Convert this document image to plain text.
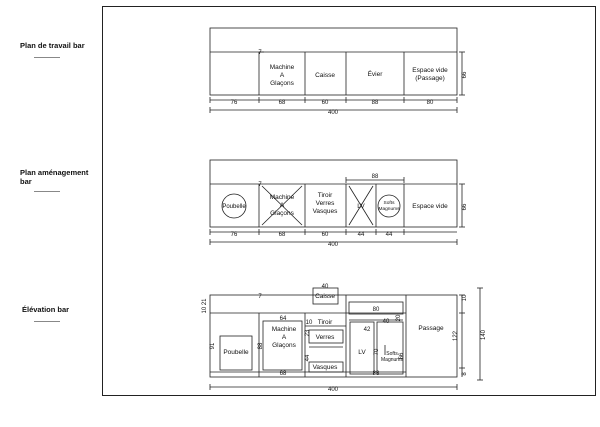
Plan de travail bar
Plan aménagement
bar
Élévation bar
Machine A Glaçons
Caisse	Évier
Espace vide (Passage)
7
76	68	60	88	80
400
66
Poubelle
Machine A Glaçons
Tiroir Verres Vasques
LV	Softs Magnums Espace vide
88
7
76	68	60	44	44
400
66
Caisse
Tiroir
Verres
Vasques
Machine A Glaçons
Poubelle	LV	Softs Magnums
Passage
40
64
10
80
40
20
42
70
66
23
44
88
91
10 21
7
68	88
122	140
10
8
400
